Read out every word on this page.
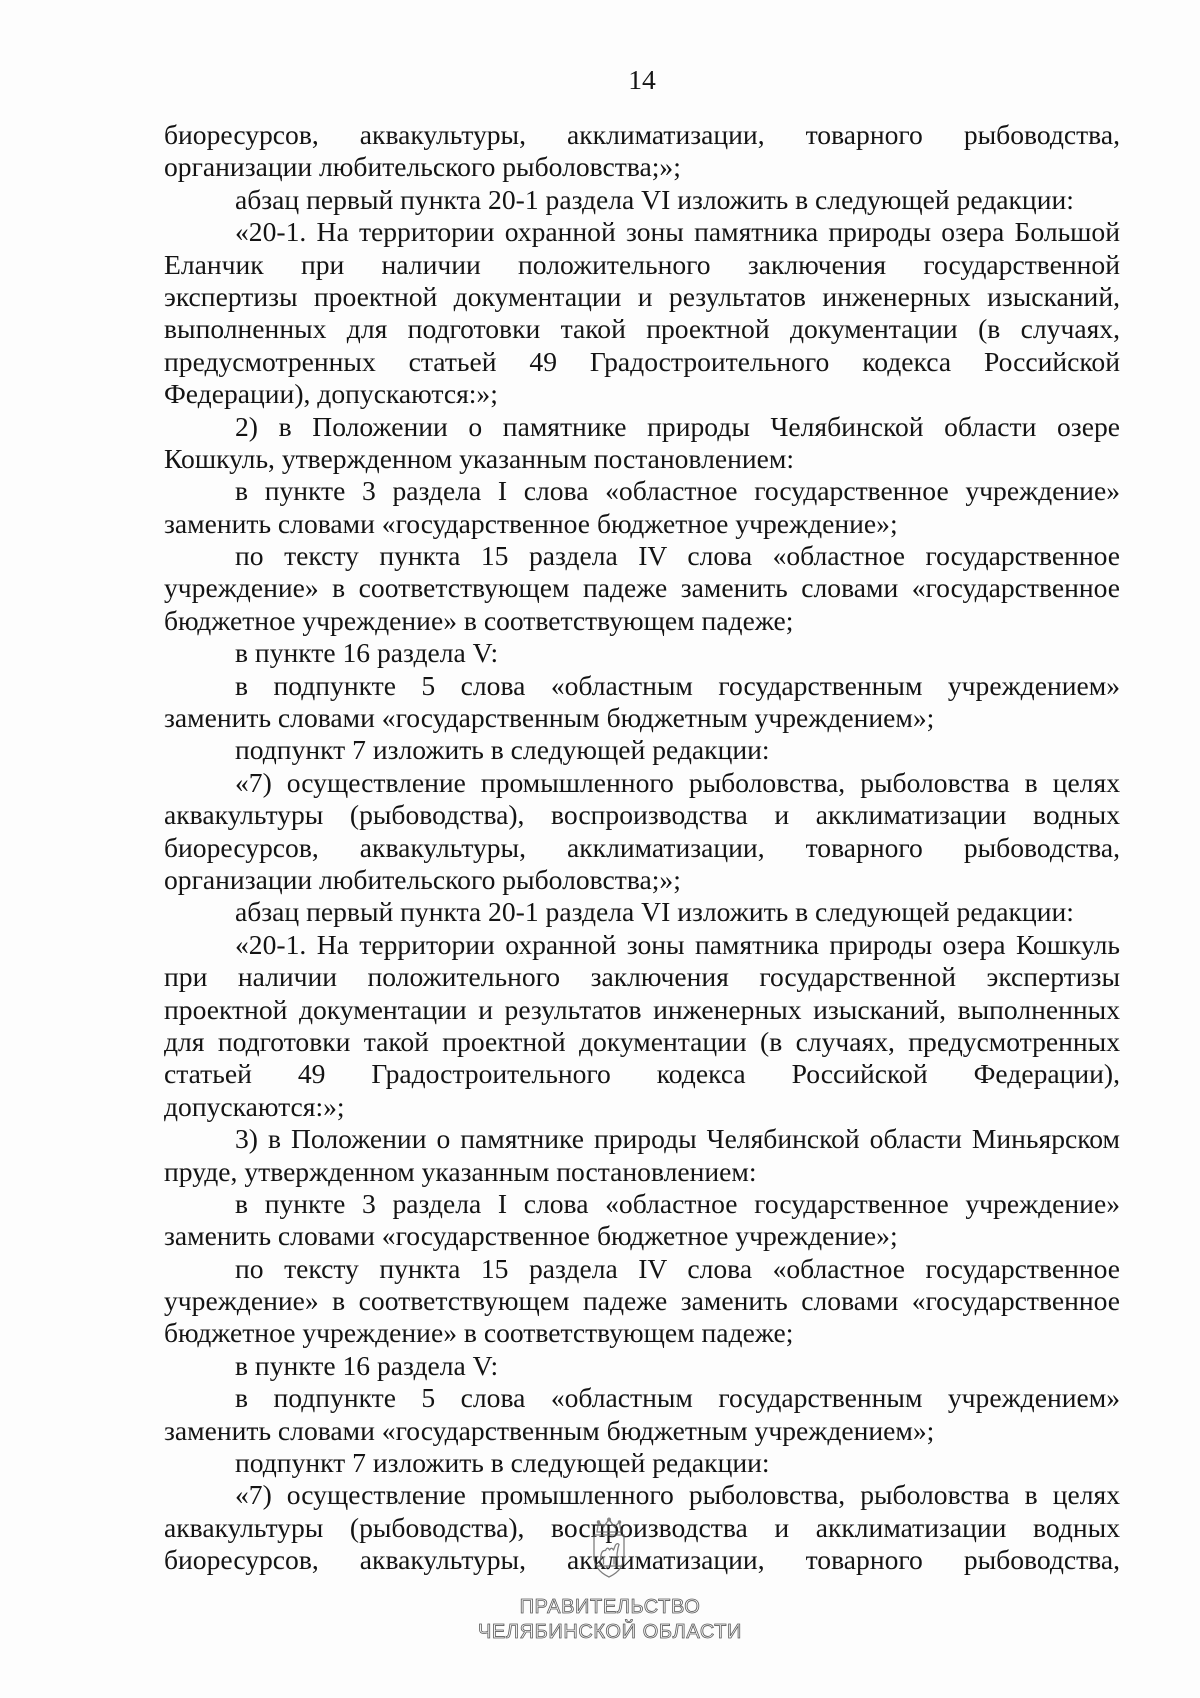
14
биоресурсов, аквакультуры, акклиматизации, товарного рыбоводства,
организации любительского рыболовства;»;
абзац первый пункта 20-1 раздела VI изложить в следующей редакции:
«20-1. На территории охранной зоны памятника природы озера Большой
Еланчик при наличии положительного заключения государственной
экспертизы проектной документации и результатов инженерных изысканий,
выполненных для подготовки такой проектной документации (в случаях,
предусмотренных статьей 49 Градостроительного кодекса Российской
Федерации), допускаются:»;
2) в Положении о памятнике природы Челябинской области озере
Кошкуль, утвержденном указанным постановлением:
в пункте 3 раздела I слова «областное государственное учреждение»
заменить словами «государственное бюджетное учреждение»;
по тексту пункта 15 раздела IV слова «областное государственное
учреждение» в соответствующем падеже заменить словами «государственное
бюджетное учреждение» в соответствующем падеже;
в пункте 16 раздела V:
в подпункте 5 слова «областным государственным учреждением»
заменить словами «государственным бюджетным учреждением»;
подпункт 7 изложить в следующей редакции:
«7) осуществление промышленного рыболовства, рыболовства в целях
аквакультуры (рыбоводства), воспроизводства и акклиматизации водных
биоресурсов, аквакультуры, акклиматизации, товарного рыбоводства,
организации любительского рыболовства;»;
абзац первый пункта 20-1 раздела VI изложить в следующей редакции:
«20-1. На территории охранной зоны памятника природы озера Кошкуль
при наличии положительного заключения государственной экспертизы
проектной документации и результатов инженерных изысканий, выполненных
для подготовки такой проектной документации (в случаях, предусмотренных
статьей 49 Градостроительного кодекса Российской Федерации),
допускаются:»;
3) в Положении о памятнике природы Челябинской области Миньярском
пруде, утвержденном указанным постановлением:
в пункте 3 раздела I слова «областное государственное учреждение»
заменить словами «государственное бюджетное учреждение»;
по тексту пункта 15 раздела IV слова «областное государственное
учреждение» в соответствующем падеже заменить словами «государственное
бюджетное учреждение» в соответствующем падеже;
в пункте 16 раздела V:
в подпункте 5 слова «областным государственным учреждением»
заменить словами «государственным бюджетным учреждением»;
подпункт 7 изложить в следующей редакции:
«7) осуществление промышленного рыболовства, рыболовства в целях
аквакультуры (рыбоводства), воспроизводства и акклиматизации водных
биоресурсов, аквакультуры, акклиматизации, товарного рыбоводства,
ПРАВИТЕЛЬСТВО
ЧЕЛЯБИНСКОЙ ОБЛАСТИ
